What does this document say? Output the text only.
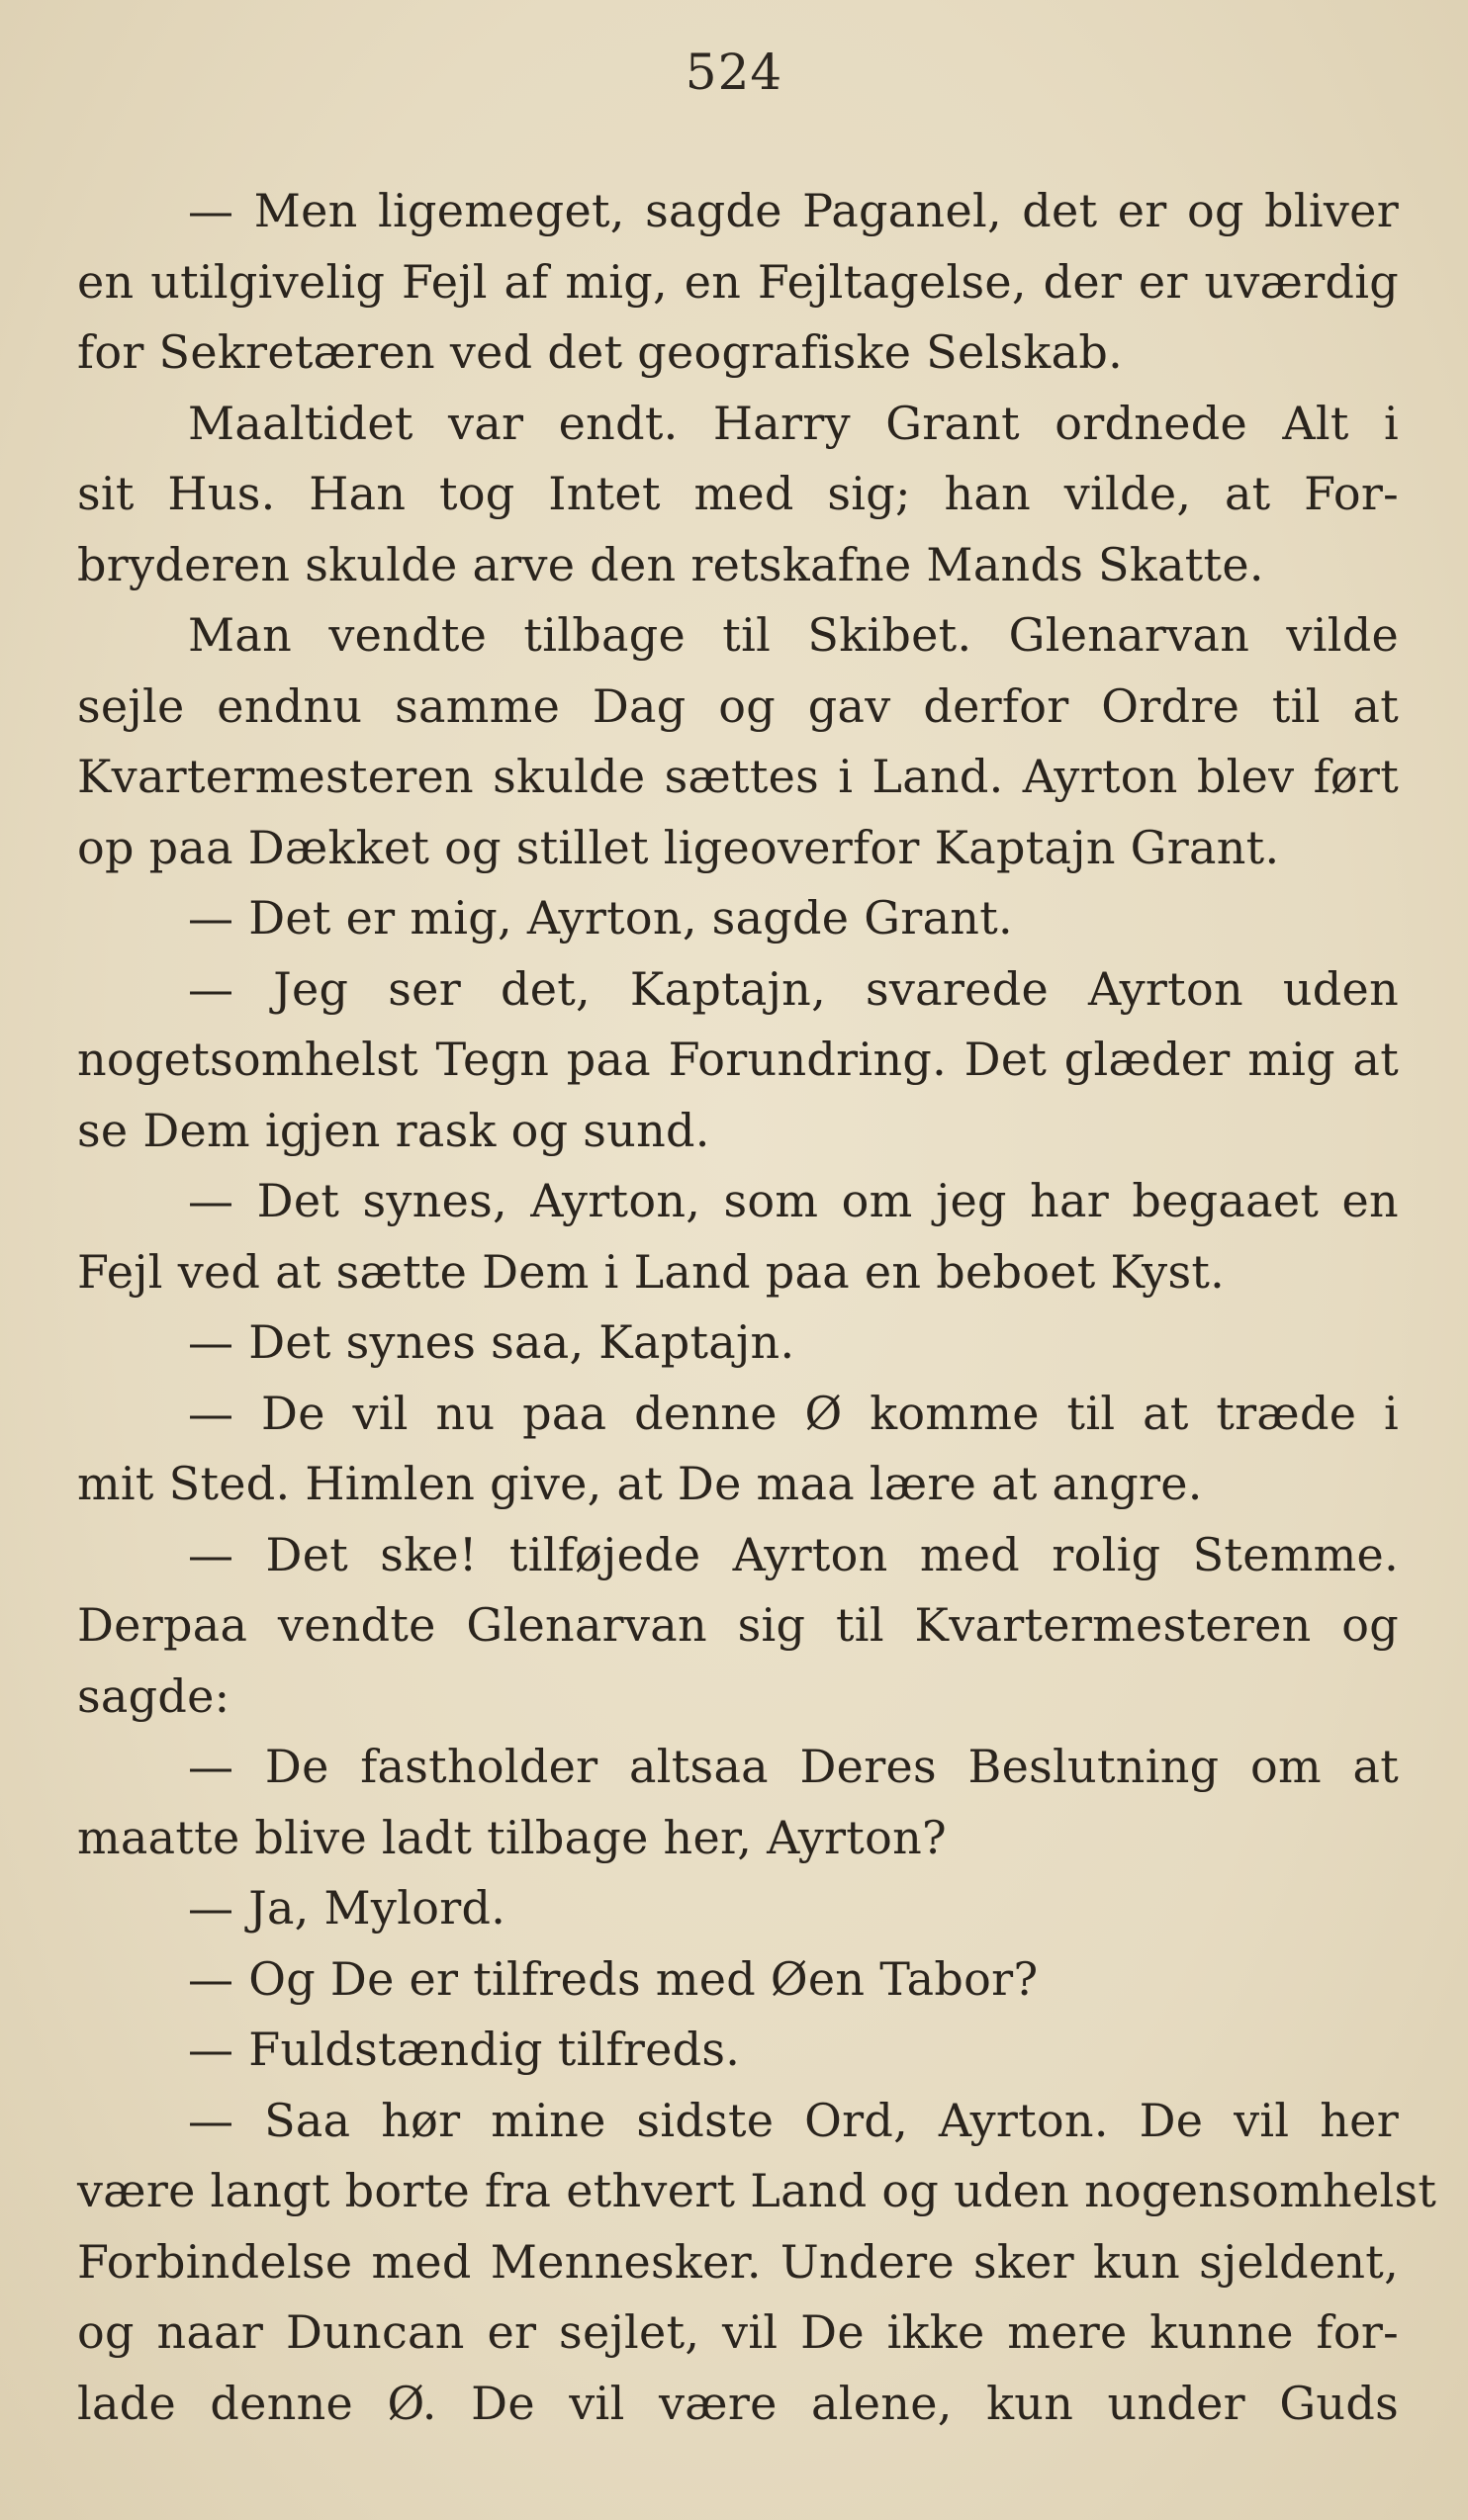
524
— Men ligemeget, sagde Paganel, det er og bliver
en utilgivelig Fejl af mig, en Fejltagelse, der er uværdig
for Sekretæren ved det geografiske Selskab.
Maaltidet var endt. Harry Grant ordnede Alt i
sit Hus. Han tog Intet med sig; han vilde, at For-
bryderen skulde arve den retskafne Mands Skatte.
Man vendte tilbage til Skibet. Glenarvan vilde
sejle endnu samme Dag og gav derfor Ordre til at
Kvartermesteren skulde sættes i Land. Ayrton blev ført
op paa Dækket og stillet ligeoverfor Kaptajn Grant.
— Det er mig, Ayrton, sagde Grant.
— Jeg ser det, Kaptajn, svarede Ayrton uden
nogetsomhelst Tegn paa Forundring. Det glæder mig at
se Dem igjen rask og sund.
— Det synes, Ayrton, som om jeg har begaaet en
Fejl ved at sætte Dem i Land paa en beboet Kyst.
— Det synes saa, Kaptajn.
— De vil nu paa denne Ø komme til at træde i
mit Sted. Himlen give, at De maa lære at angre.
— Det ske! tilføjede Ayrton med rolig Stemme.
Derpaa vendte Glenarvan sig til Kvartermesteren og
sagde:
— De fastholder altsaa Deres Beslutning om at
maatte blive ladt tilbage her, Ayrton?
— Ja, Mylord.
— Og De er tilfreds med Øen Tabor?
— Fuldstændig tilfreds.
— Saa hør mine sidste Ord, Ayrton. De vil her
være langt borte fra ethvert Land og uden nogensomhelst
Forbindelse med Mennesker. Undere sker kun sjeldent,
og naar Duncan er sejlet, vil De ikke mere kunne for-
lade denne Ø. De vil være alene, kun under Guds
